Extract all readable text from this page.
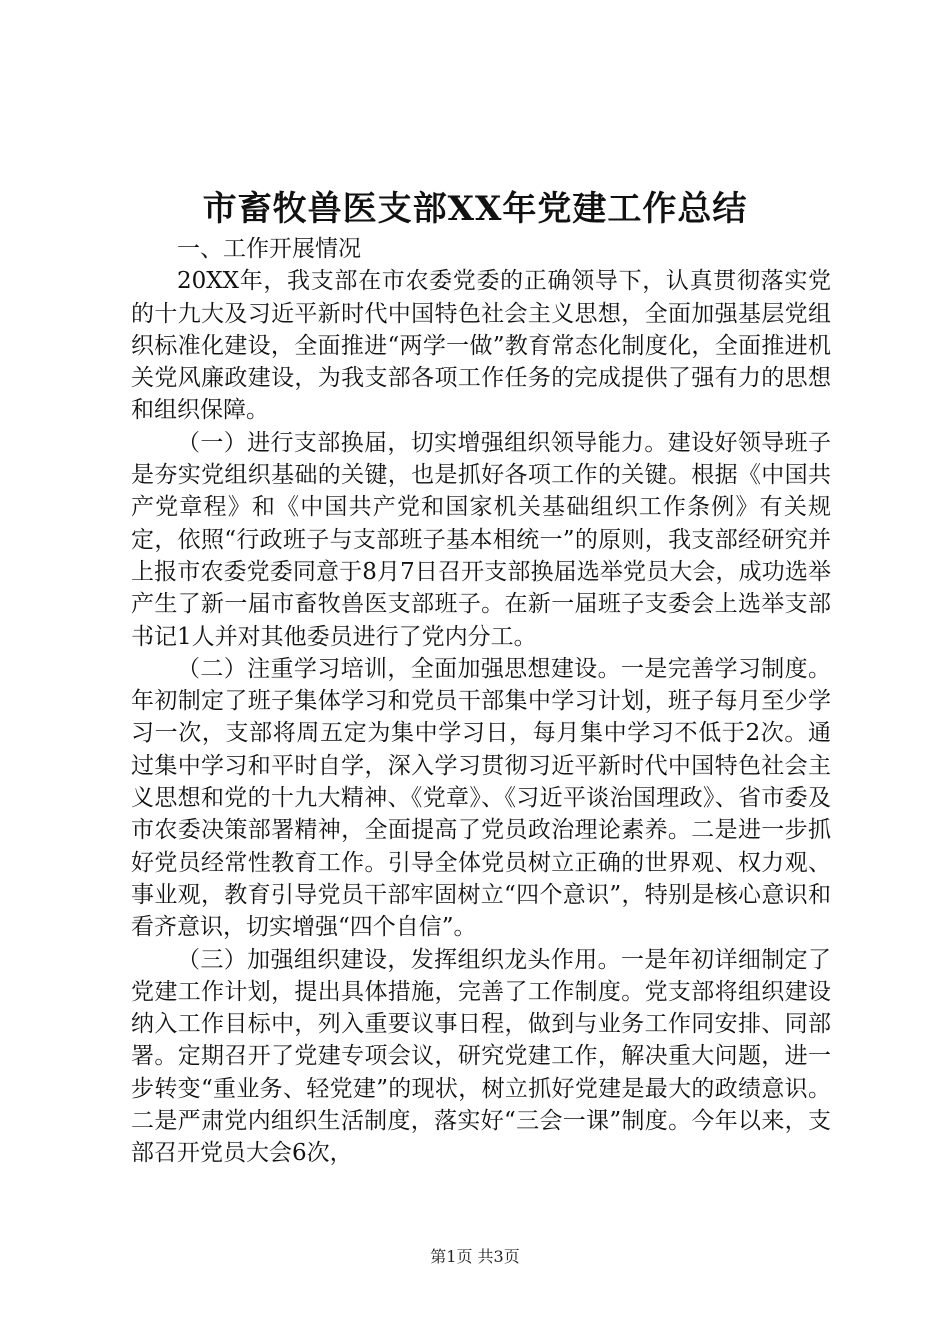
市畜牧兽医支部XX年党建工作总结

一、工作开展情况

20XX年，我支部在市农委党委的正确领导下，认真贯彻落实党的十九大及习近平新时代中国特色社会主义思想，全面加强基层党组织标准化建设，全面推进“两学一做”教育常态化制度化，全面推进机关党风廉政建设，为我支部各项工作任务的完成提供了强有力的思想和组织保障。

（一）进行支部换届，切实增强组织领导能力。建设好领导班子是夯实党组织基础的关键，也是抓好各项工作的关键。根据《中国共产党章程》和《中国共产党和国家机关基础组织工作条例》有关规定，依照“行政班子与支部班子基本相统一”的原则，我支部经研究并上报市农委党委同意于8月7日召开支部换届选举党员大会，成功选举产生了新一届市畜牧兽医支部班子。在新一届班子支委会上选举支部书记1人并对其他委员进行了党内分工。

（二）注重学习培训，全面加强思想建设。一是完善学习制度。年初制定了班子集体学习和党员干部集中学习计划，班子每月至少学习一次，支部将周五定为集中学习日，每月集中学习不低于2次。通过集中学习和平时自学，深入学习贯彻习近平新时代中国特色社会主义思想和党的十九大精神、《党章》、《习近平谈治国理政》、省市委及市农委决策部署精神，全面提高了党员政治理论素养。二是进一步抓好党员经常性教育工作。引导全体党员树立正确的世界观、权力观、事业观，教育引导党员干部牢固树立“四个意识”，特别是核心意识和看齐意识，切实增强“四个自信”。

（三）加强组织建设，发挥组织龙头作用。一是年初详细制定了党建工作计划，提出具体措施，完善了工作制度。党支部将组织建设纳入工作目标中，列入重要议事日程，做到与业务工作同安排、同部署。定期召开了党建专项会议，研究党建工作，解决重大问题，进一步转变“重业务、轻党建”的现状，树立抓好党建是最大的政绩意识。二是严肃党内组织生活制度，落实好“三会一课”制度。今年以来，支部召开党员大会6次，

第1页 共3页
